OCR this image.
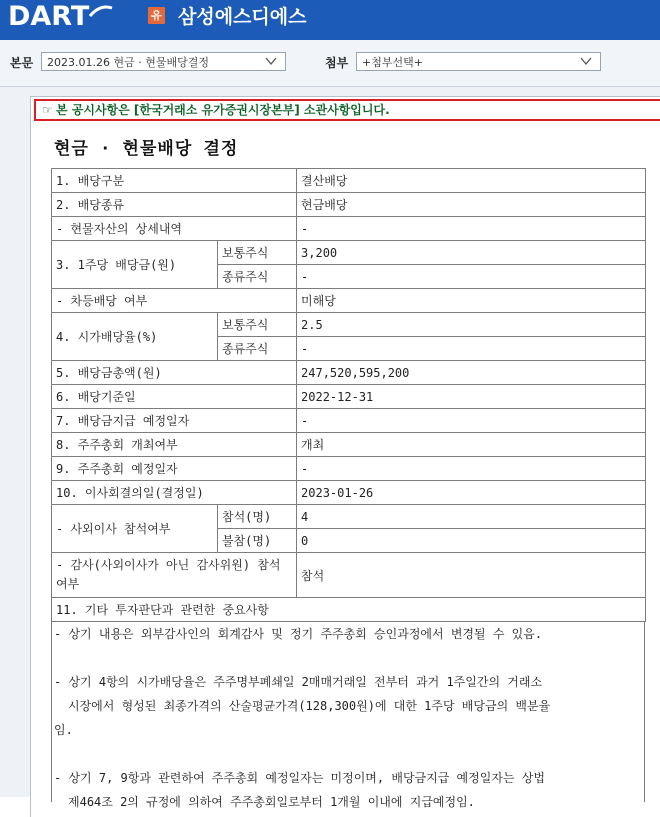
DART	유 삼성에스디에스
본문	2023.01.26 현금 · 현물배당결정	첨부	+첨부선택+
☞ 본 공시사항은 [한국거래소 유가증권시장본부] 소관사항입니다.
현금 · 현물배당 결정
1. 배당구분		결산배당
2. 배당종류		현금배당
- 현물자산의 상세내역		-
3. 1주당 배당금(원)	보통주식	3,200
	종류주식	-
- 차등배당 여부		미해당
4. 시가배당율(%)	보통주식	2.5
	종류주식	-
5. 배당금총액(원)		247,520,595,200
6. 배당기준일		2022-12-31
7. 배당금지급 예정일자		-
8. 주주총회 개최여부		개최
9. 주주총회 예정일자		-
10. 이사회결의일(결정일)		2023-01-26
- 사외이사 참석여부	참석(명)	4
	불참(명)	0
- 감사(사외이사가 아닌 감사위원) 참석여부		참석
11. 기타 투자판단과 관련한 중요사항		

- 상기 내용은 외부감사인의 회계감사 및 정기 주주총회 승인과정에서 변경될 수 있음.

- 상기 4항의 시가배당율은 주주명부폐쇄일 2매매거래일 전부터 과거 1주일간의 거래소

시장에서 형성된 최종가격의 산술평균가격(128,300원)에 대한 1주당 배당금의 백분율

임.

- 상기 7, 9항과 관련하여 주주총회 예정일자는 미정이며, 배당금지급 예정일자는 상법

제464조 2의 규정에 의하여 주주총회일로부터 1개월 이내에 지급예정임.
